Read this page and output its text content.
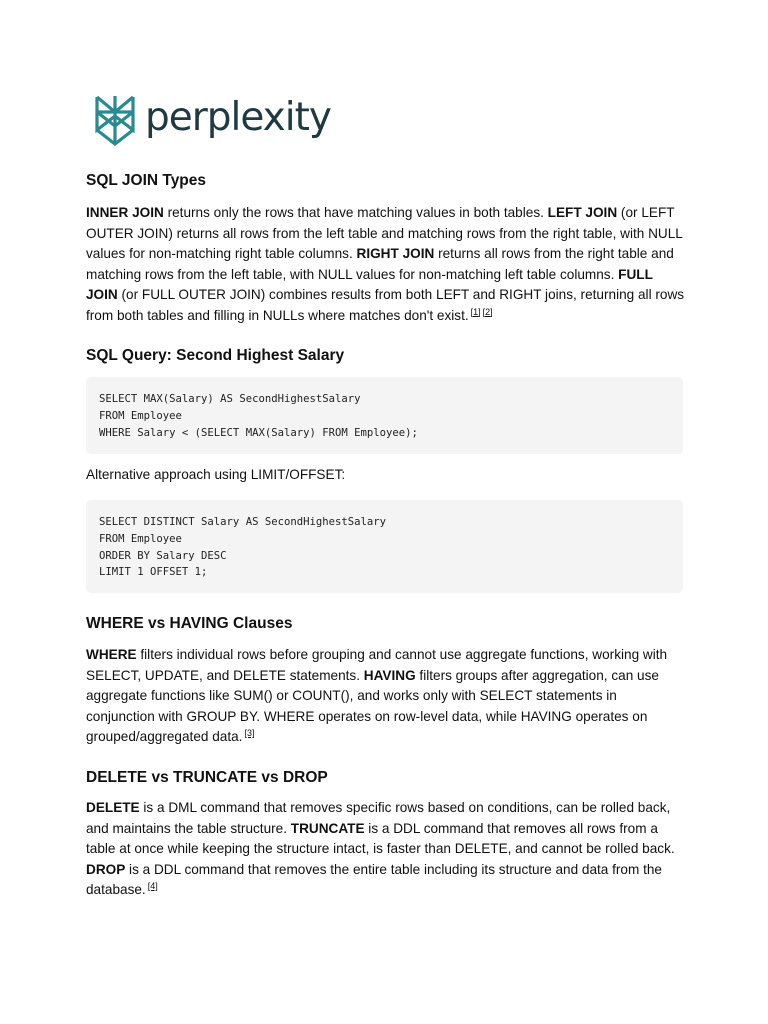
perplexity
SQL JOIN Types

INNER JOIN returns only the rows that have matching values in both tables. LEFT JOIN (or LEFT OUTER JOIN) returns all rows from the left table and matching rows from the right table, with NULL values for non-matching right table columns. RIGHT JOIN returns all rows from the right table and matching rows from the left table, with NULL values for non-matching left table columns. FULL JOIN (or FULL OUTER JOIN) combines results from both LEFT and RIGHT joins, returning all rows from both tables and filling in NULLs where matches don't exist. [1] [2]

SQL Query: Second Highest Salary
SELECT MAX(Salary) AS SecondHighestSalary
FROM Employee
WHERE Salary < (SELECT MAX(Salary) FROM Employee);

Alternative approach using LIMIT/OFFSET:

SELECT DISTINCT Salary AS SecondHighestSalary
FROM Employee
ORDER BY Salary DESC
LIMIT 1 OFFSET 1;
WHERE vs HAVING Clauses

WHERE filters individual rows before grouping and cannot use aggregate functions, working with SELECT, UPDATE, and DELETE statements. HAVING filters groups after aggregation, can use aggregate functions like SUM() or COUNT(), and works only with SELECT statements in conjunction with GROUP BY. WHERE operates on row-level data, while HAVING operates on grouped/aggregated data. [3]

DELETE vs TRUNCATE vs DROP

DELETE is a DML command that removes specific rows based on conditions, can be rolled back, and maintains the table structure. TRUNCATE is a DDL command that removes all rows from a table at once while keeping the structure intact, is faster than DELETE, and cannot be rolled back. DROP is a DDL command that removes the entire table including its structure and data from the database. [4]
